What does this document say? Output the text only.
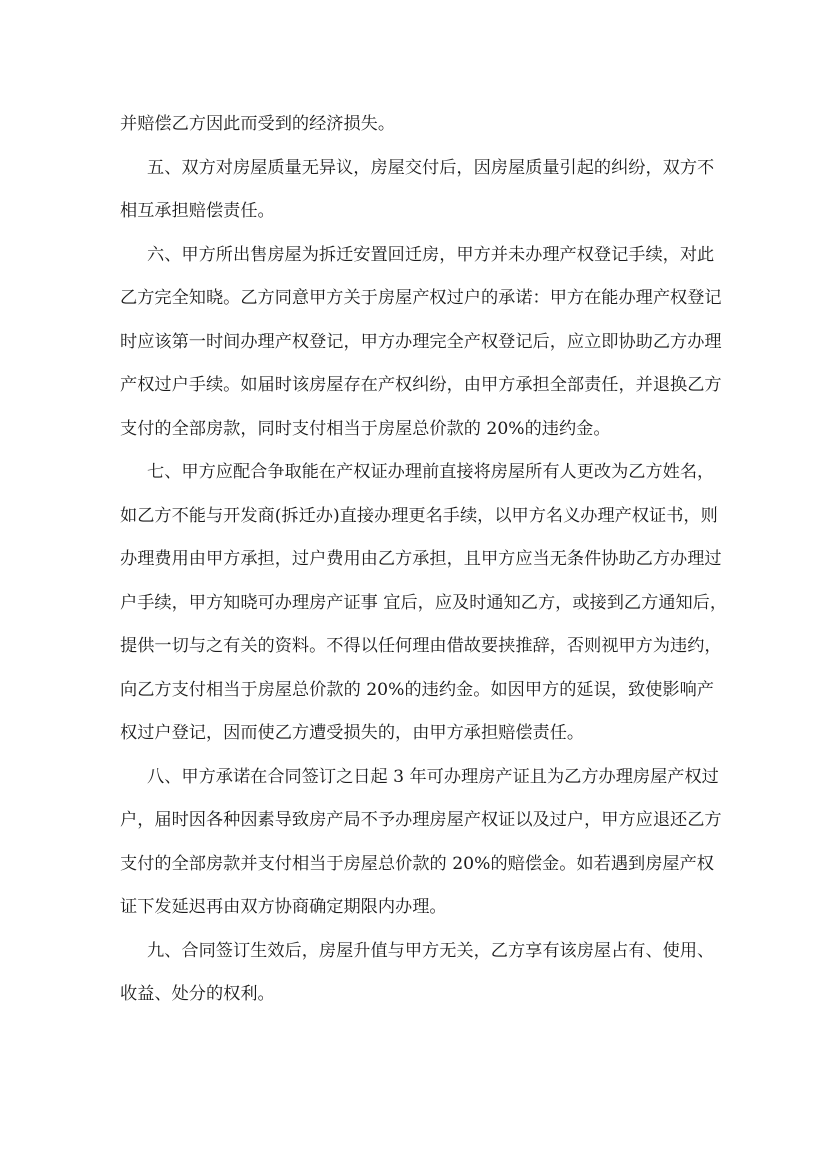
并赔偿乙方因此而受到的经济损失。
五、双方对房屋质量无异议，房屋交付后，因房屋质量引起的纠纷，双方不
相互承担赔偿责任。
六、甲方所出售房屋为拆迁安置回迁房，甲方并未办理产权登记手续，对此
乙方完全知晓。乙方同意甲方关于房屋产权过户的承诺：甲方在能办理产权登记
时应该第一时间办理产权登记，甲方办理完全产权登记后，应立即协助乙方办理
产权过户手续。如届时该房屋存在产权纠纷，由甲方承担全部责任，并退换乙方
支付的全部房款，同时支付相当于房屋总价款的 20%的违约金。
七、甲方应配合争取能在产权证办理前直接将房屋所有人更改为乙方姓名，
如乙方不能与开发商(拆迁办)直接办理更名手续，以甲方名义办理产权证书，则
办理费用由甲方承担，过户费用由乙方承担，且甲方应当无条件协助乙方办理过
户手续，甲方知晓可办理房产证事 宜后，应及时通知乙方，或接到乙方通知后，
提供一切与之有关的资料。不得以任何理由借故要挟推辞，否则视甲方为违约，
向乙方支付相当于房屋总价款的 20%的违约金。如因甲方的延误，致使影响产
权过户登记，因而使乙方遭受损失的，由甲方承担赔偿责任。
八、甲方承诺在合同签订之日起 3 年可办理房产证且为乙方办理房屋产权过
户，届时因各种因素导致房产局不予办理房屋产权证以及过户，甲方应退还乙方
支付的全部房款并支付相当于房屋总价款的 20%的赔偿金。如若遇到房屋产权
证下发延迟再由双方协商确定期限内办理。
九、合同签订生效后，房屋升值与甲方无关，乙方享有该房屋占有、使用、
收益、处分的权利。
